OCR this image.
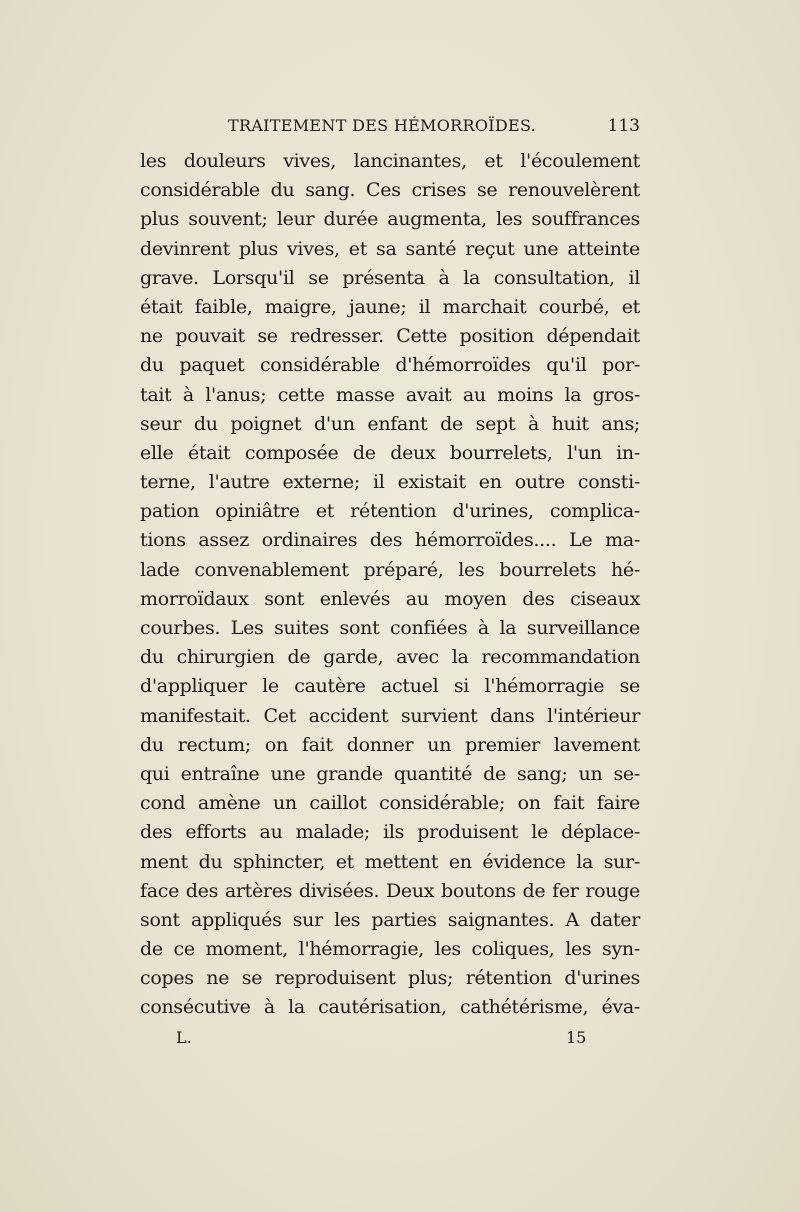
TRAITEMENT DES HÉMORROÏDES.	113
les douleurs vives, lancinantes, et l'écoulement
considérable du sang. Ces crises se renouvelèrent
plus souvent; leur durée augmenta, les souffrances
devinrent plus vives, et sa santé reçut une atteinte
grave. Lorsqu'il se présenta à la consultation, il
était faible, maigre, jaune; il marchait courbé, et
ne pouvait se redresser. Cette position dépendait
du paquet considérable d'hémorroïdes qu'il por-
tait à l'anus; cette masse avait au moins la gros-
seur du poignet d'un enfant de sept à huit ans;
elle était composée de deux bourrelets, l'un in-
terne, l'autre externe; il existait en outre consti-
pation opiniâtre et rétention d'urines, complica-
tions assez ordinaires des hémorroïdes.... Le ma-
lade convenablement préparé, les bourrelets hé-
morroïdaux sont enlevés au moyen des ciseaux
courbes. Les suites sont confiées à la surveillance
du chirurgien de garde, avec la recommandation
d'appliquer le cautère actuel si l'hémorragie se
manifestait. Cet accident survient dans l'intérieur
du rectum; on fait donner un premier lavement
qui entraîne une grande quantité de sang; un se-
cond amène un caillot considérable; on fait faire
des efforts au malade; ils produisent le déplace-
ment du sphincter, et mettent en évidence la sur-
face des artères divisées. Deux boutons de fer rouge
sont appliqués sur les parties saignantes. A dater
de ce moment, l'hémorragie, les coliques, les syn-
copes ne se reproduisent plus; rétention d'urines
consécutive à la cautérisation, cathétérisme, éva-
L.	15
